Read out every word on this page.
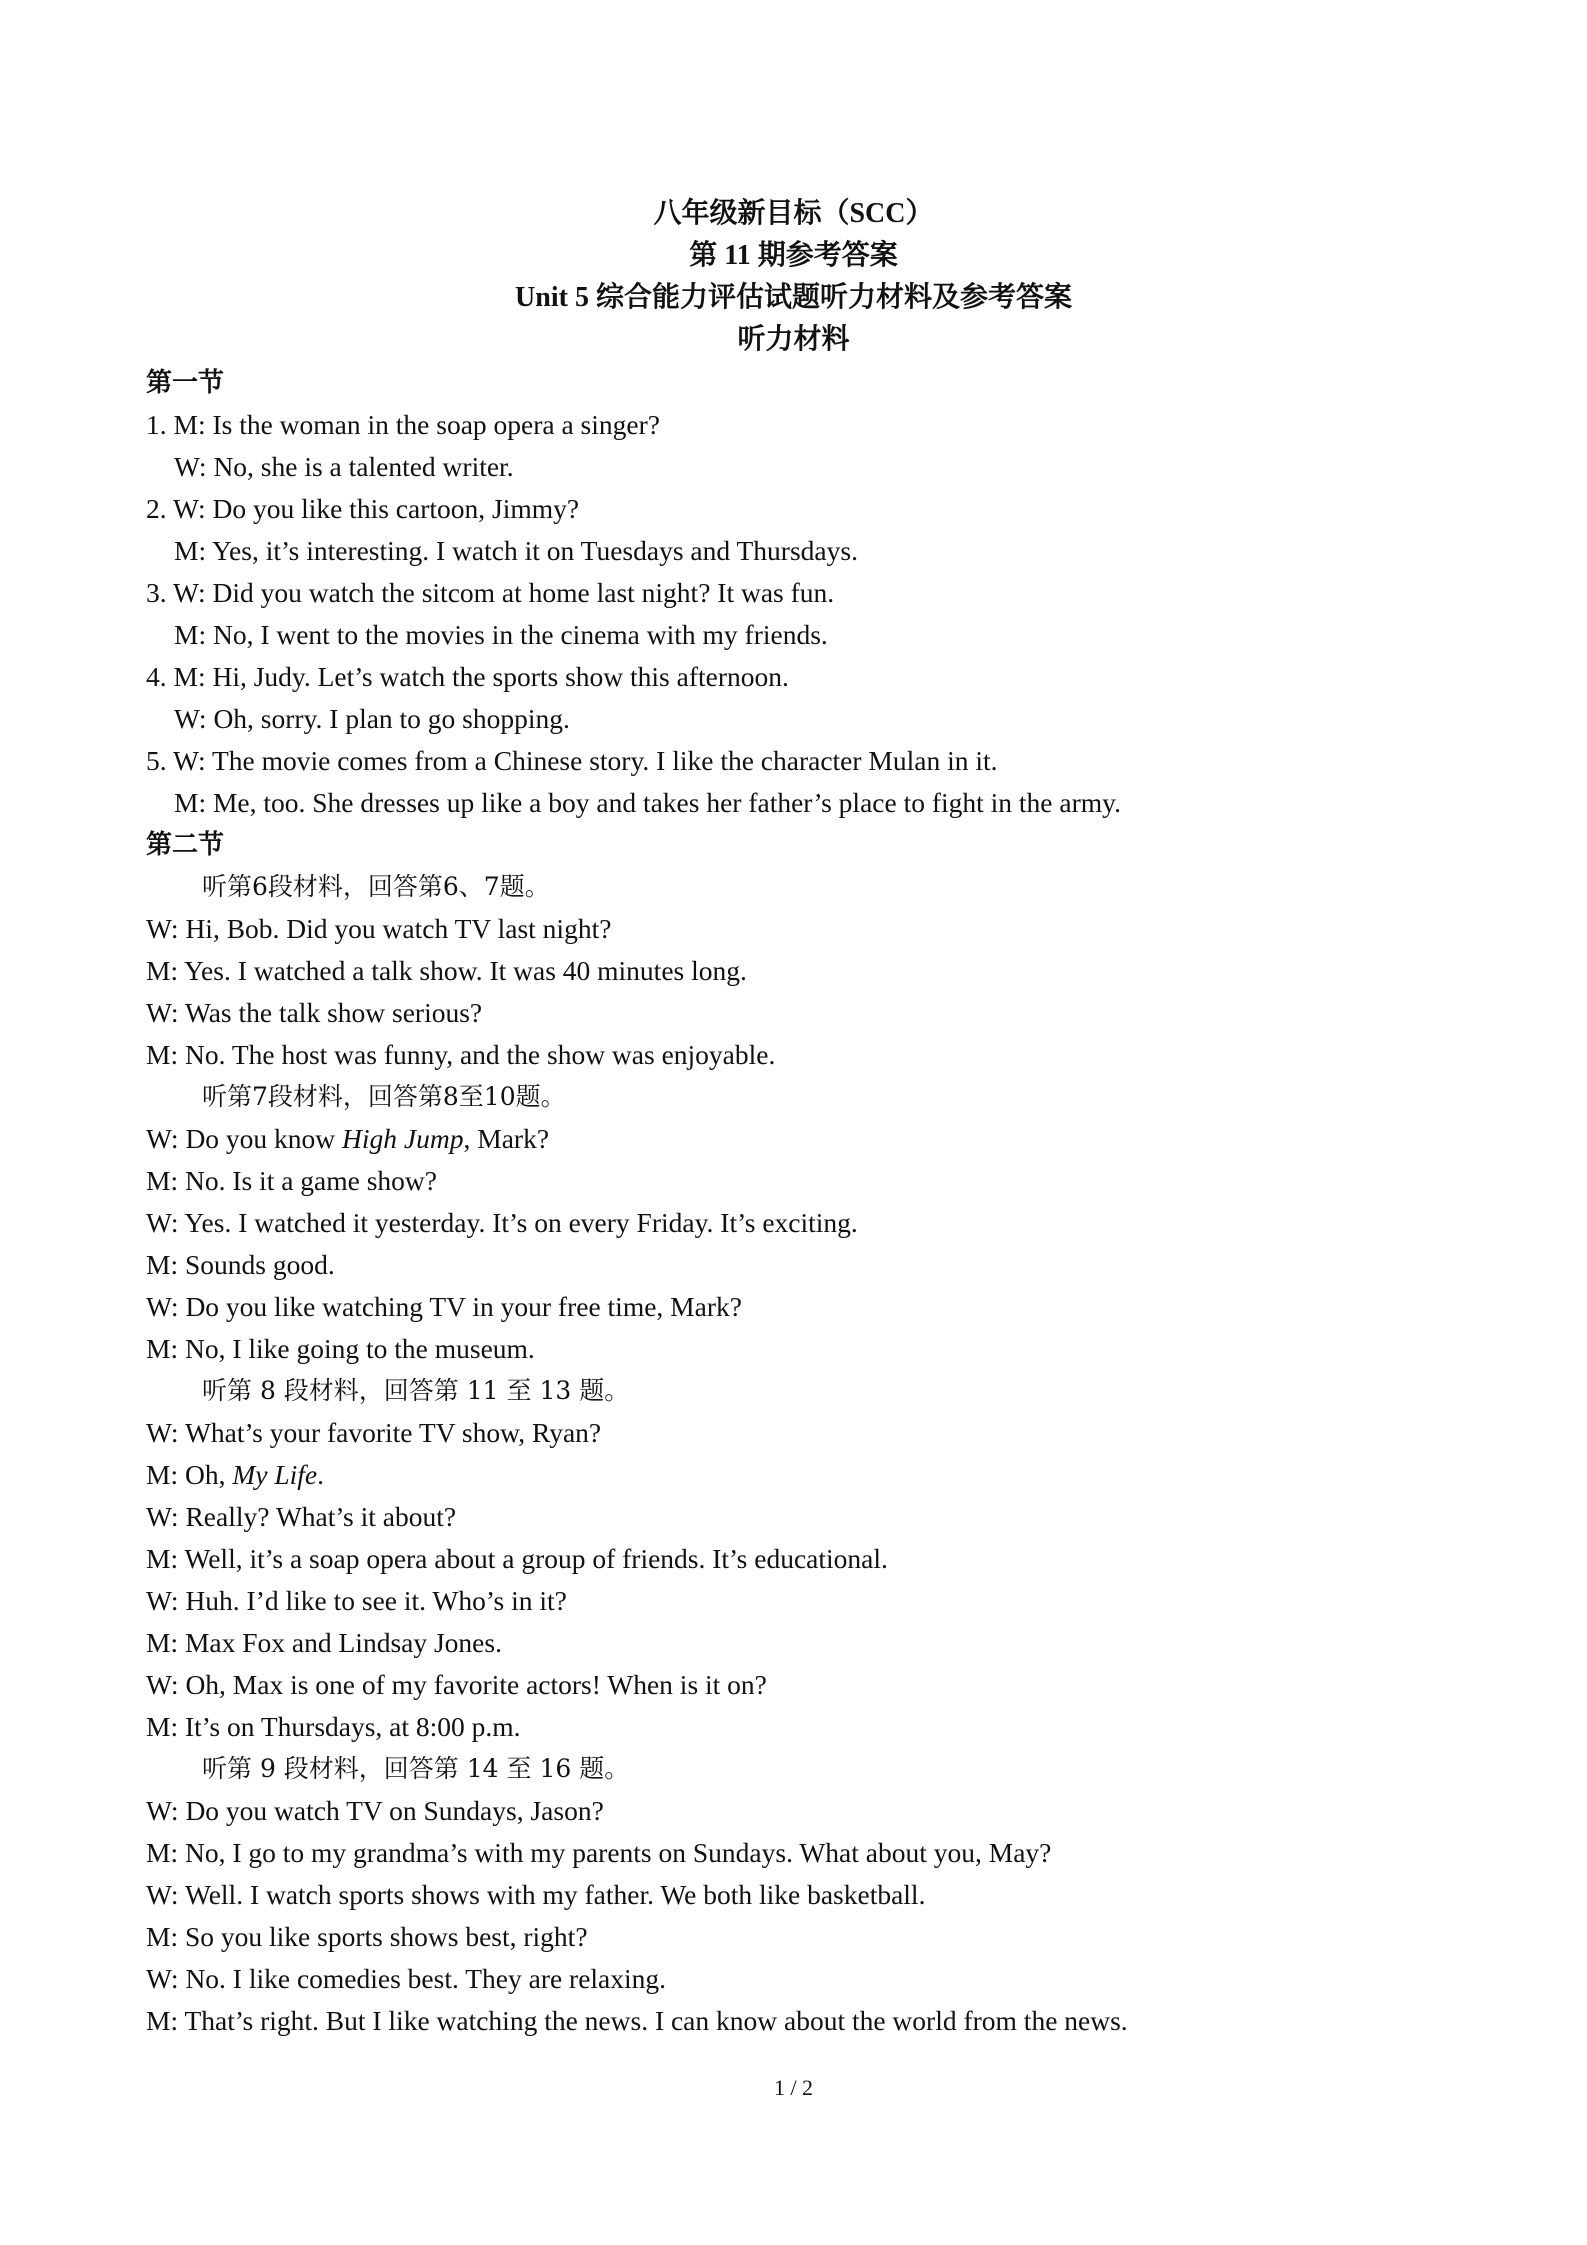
八年级新目标（SCC）
第 11 期参考答案
Unit 5 综合能力评估试题听力材料及参考答案
听力材料
第一节
1. M: Is the woman in the soap opera a singer?
W: No, she is a talented writer.
2. W: Do you like this cartoon, Jimmy?
M: Yes, it’s interesting. I watch it on Tuesdays and Thursdays.
3. W: Did you watch the sitcom at home last night? It was fun.
M: No, I went to the movies in the cinema with my friends.
4. M: Hi, Judy. Let’s watch the sports show this afternoon.
W: Oh, sorry. I plan to go shopping.
5. W: The movie comes from a Chinese story. I like the character Mulan in it.
M: Me, too. She dresses up like a boy and takes her father’s place to fight in the army.
第二节
听第6段材料，回答第6、7题。
W: Hi, Bob. Did you watch TV last night?
M: Yes. I watched a talk show. It was 40 minutes long.
W: Was the talk show serious?
M: No. The host was funny, and the show was enjoyable.
听第7段材料，回答第8至10题。
W: Do you know High Jump, Mark?
M: No. Is it a game show?
W: Yes. I watched it yesterday. It’s on every Friday. It’s exciting.
M: Sounds good.
W: Do you like watching TV in your free time, Mark?
M: No, I like going to the museum.
听第 8 段材料，回答第 11 至 13 题。
W: What’s your favorite TV show, Ryan?
M: Oh, My Life.
W: Really? What’s it about?
M: Well, it’s a soap opera about a group of friends. It’s educational.
W: Huh. I’d like to see it. Who’s in it?
M: Max Fox and Lindsay Jones.
W: Oh, Max is one of my favorite actors! When is it on?
M: It’s on Thursdays, at 8:00 p.m.
听第 9 段材料，回答第 14 至 16 题。
W: Do you watch TV on Sundays, Jason?
M: No, I go to my grandma’s with my parents on Sundays. What about you, May?
W: Well. I watch sports shows with my father. We both like basketball.
M: So you like sports shows best, right?
W: No. I like comedies best. They are relaxing.
M: That’s right. But I like watching the news. I can know about the world from the news.
1 / 2
